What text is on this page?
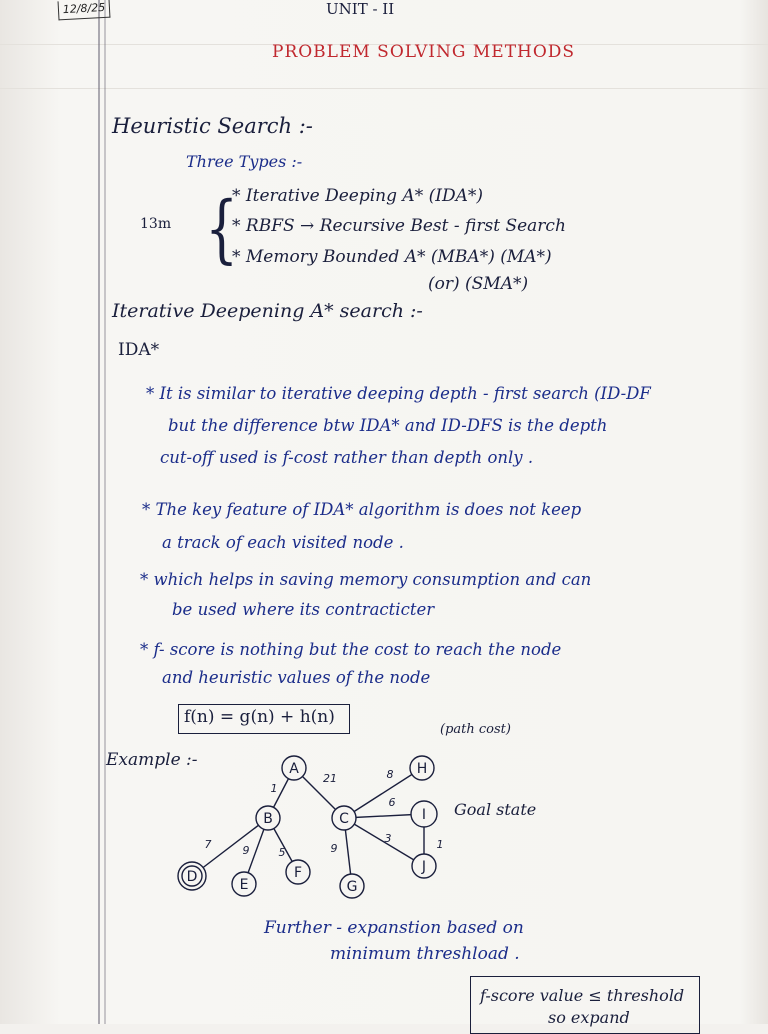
12/8/25	UNIT - II
PROBLEM SOLVING METHODS
Heuristic Search :-
Three Types :-
13m {
* Iterative Deeping A* (IDA*)
* RBFS → Recursive Best - first Search
* Memory Bounded A* (MBA*) (MA*)
(or) (SMA*)
Iterative Deepening A* search :-
IDA*
* It is similar to iterative deeping depth - first search (ID-DF
but the difference btw IDA* and ID-DFS is the depth
cut-off used is f-cost rather than depth only .
* The key feature of IDA* algorithm is does not keep
a track of each visited node .
* which helps in saving memory consumption and can
be used where its contracticter
* f- score is nothing but the cost to reach the node
and heuristic values of the node
f(n) = g(n) + h(n)
(path cost)
Example :-	A
B	C
D	E
F
G
H
I
J
1
21	8
6
3	1
7	9	5	9
Goal state
Further - expanstion based on
minimum threshload .
f-score value ≤ threshold
so expand
